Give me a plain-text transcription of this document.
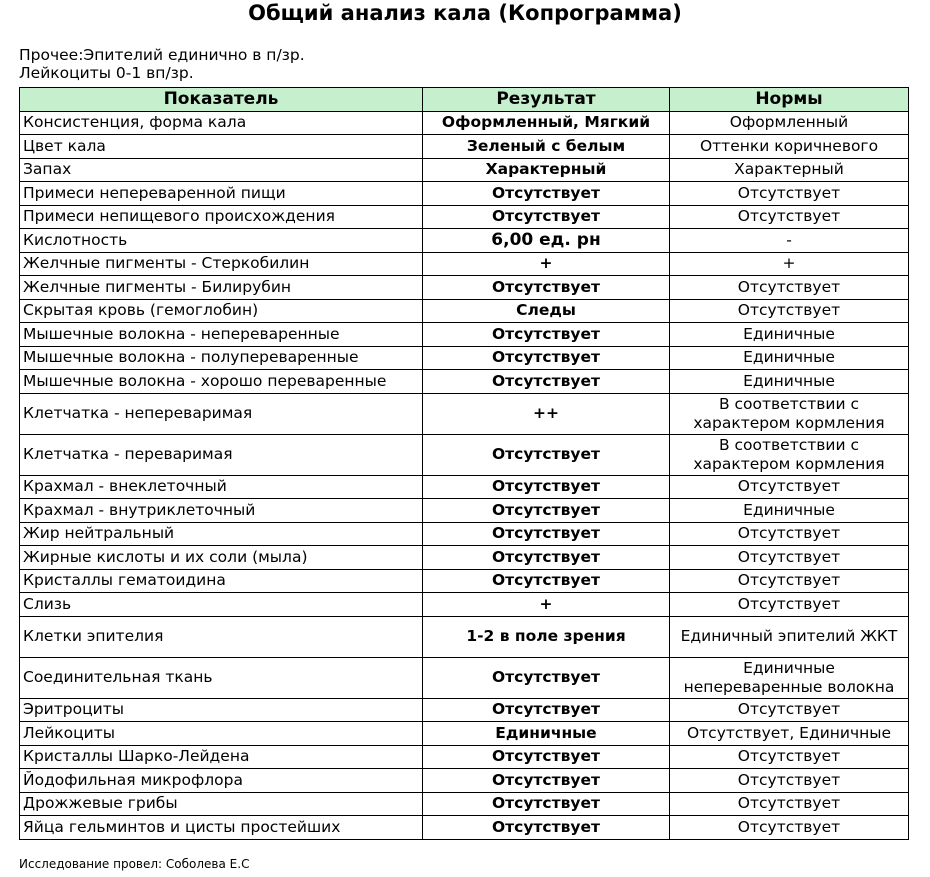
Общий анализ кала (Копрограмма)
Прочее:Эпителий единично в п/зр.
Лейкоциты 0-1 вп/зр.
Показатель	Результат	Нормы
Консистенция, форма кала	Оформленный, Мягкий	Оформленный
Цвет кала	Зеленый с белым	Оттенки коричневого
Запах	Характерный	Характерный
Примеси непереваренной пищи	Отсутствует	Отсутствует
Примеси непищевого происхождения	Отсутствует	Отсутствует
Кислотность	6,00 ед. рн	-
Желчные пигменты - Стеркобилин	+	+
Желчные пигменты - Билирубин	Отсутствует	Отсутствует
Скрытая кровь (гемоглобин)	Следы	Отсутствует
Мышечные волокна - непереваренные	Отсутствует	Единичные
Мышечные волокна - полупереваренные	Отсутствует	Единичные
Мышечные волокна - хорошо переваренные	Отсутствует	Единичные
Клетчатка - непереваримая	++	В соответствии с характером кормления
Клетчатка - переваримая	Отсутствует	В соответствии с характером кормления
Крахмал - внеклеточный	Отсутствует	Отсутствует
Крахмал - внутриклеточный	Отсутствует	Единичные
Жир нейтральный	Отсутствует	Отсутствует
Жирные кислоты и их соли (мыла)	Отсутствует	Отсутствует
Кристаллы гематоидина	Отсутствует	Отсутствует
Слизь	+	Отсутствует
Клетки эпителия	1-2 в поле зрения	Единичный эпителий ЖКТ
Соединительная ткань	Отсутствует	Единичные непереваренные волокна
Эритроциты	Отсутствует	Отсутствует
Лейкоциты	Единичные	Отсутствует, Единичные
Кристаллы Шарко-Лейдена	Отсутствует	Отсутствует
Йодофильная микрофлора	Отсутствует	Отсутствует
Дрожжевые грибы	Отсутствует	Отсутствует
Яйца гельминтов и цисты простейших	Отсутствует	Отсутствует
Исследование провел: Соболева Е.С
